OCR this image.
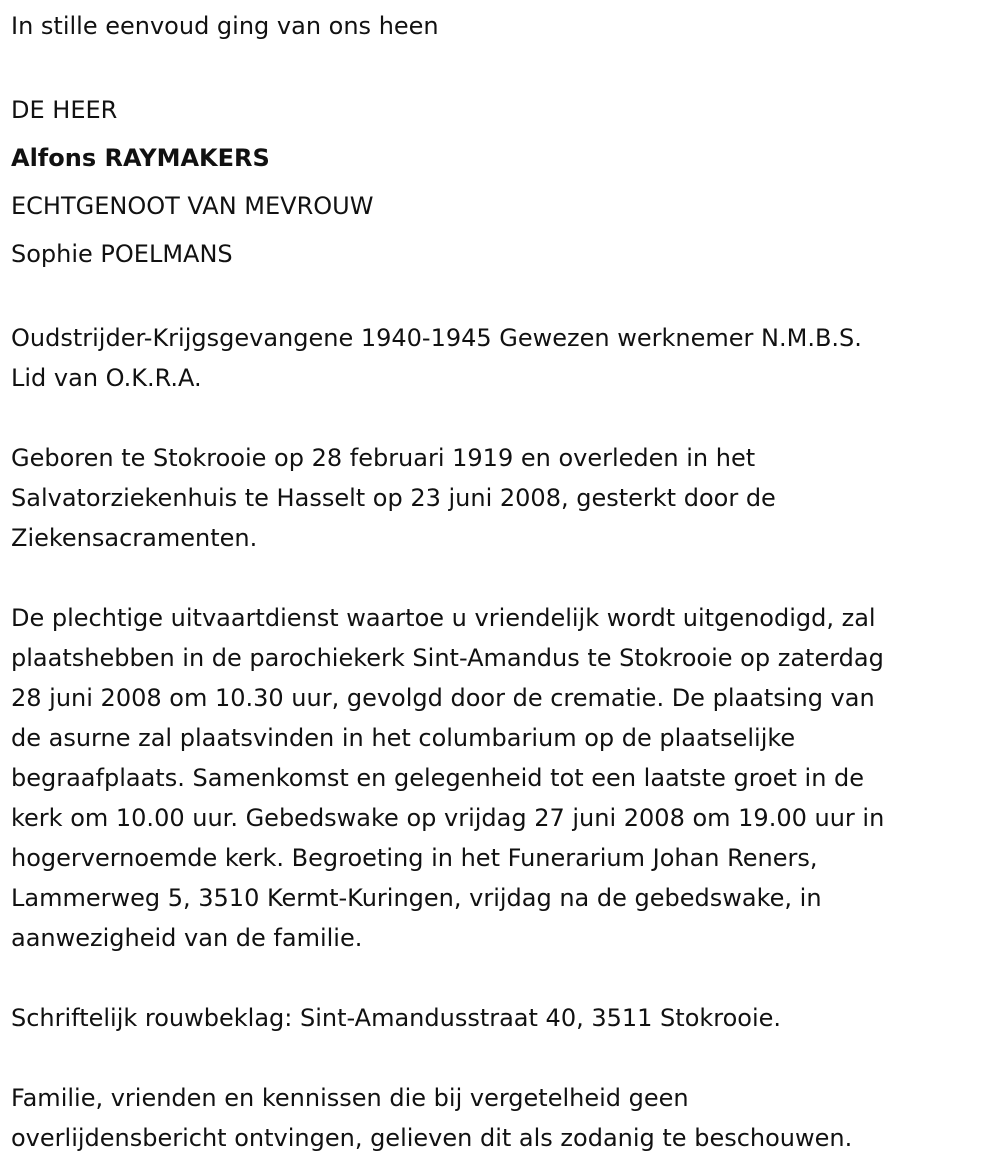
In stille eenvoud ging van ons heen

DE HEER

Alfons RAYMAKERS

ECHTGENOOT VAN MEVROUW

Sophie POELMANS

Oudstrijder-Krijgsgevangene 1940-1945 Gewezen werknemer N.M.B.S.

Lid van O.K.R.A.

Geboren te Stokrooie op 28 februari 1919 en overleden in het

Salvatorziekenhuis te Hasselt op 23 juni 2008, gesterkt door de

Ziekensacramenten.

De plechtige uitvaartdienst waartoe u vriendelijk wordt uitgenodigd, zal

plaatshebben in de parochiekerk Sint-Amandus te Stokrooie op zaterdag

28 juni 2008 om 10.30 uur, gevolgd door de crematie. De plaatsing van

de asurne zal plaatsvinden in het columbarium op de plaatselijke

begraafplaats. Samenkomst en gelegenheid tot een laatste groet in de

kerk om 10.00 uur. Gebedswake op vrijdag 27 juni 2008 om 19.00 uur in

hogervernoemde kerk. Begroeting in het Funerarium Johan Reners,

Lammerweg 5, 3510 Kermt-Kuringen, vrijdag na de gebedswake, in

aanwezigheid van de familie.

Schriftelijk rouwbeklag: Sint-Amandusstraat 40, 3511 Stokrooie.

Familie, vrienden en kennissen die bij vergetelheid geen

overlijdensbericht ontvingen, gelieven dit als zodanig te beschouwen.
